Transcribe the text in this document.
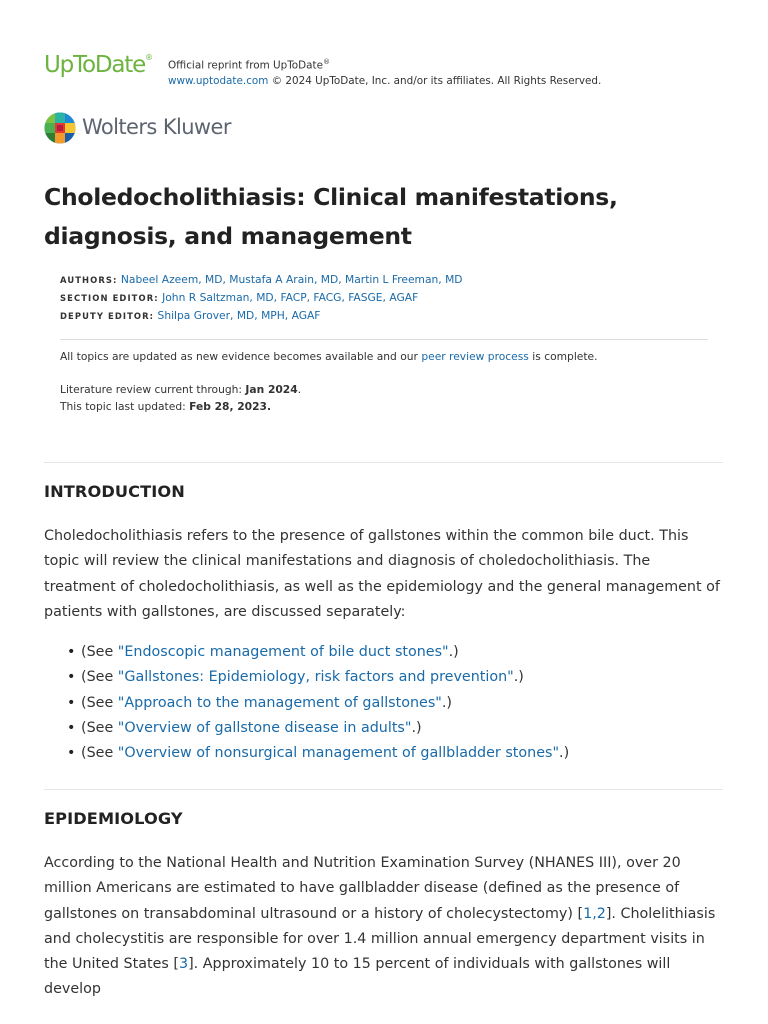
UpToDate®
Official reprint from UpToDate®
www.uptodate.com © 2024 UpToDate, Inc. and/or its affiliates. All Rights Reserved.
Wolters Kluwer
Choledocholithiasis: Clinical manifestations, diagnosis, and management
AUTHORS: Nabeel Azeem, MD, Mustafa A Arain, MD, Martin L Freeman, MD
SECTION EDITOR: John R Saltzman, MD, FACP, FACG, FASGE, AGAF
DEPUTY EDITOR: Shilpa Grover, MD, MPH, AGAF
All topics are updated as new evidence becomes available and our peer review process is complete.
Literature review current through: Jan 2024.
This topic last updated: Feb 28, 2023.
INTRODUCTION

Choledocholithiasis refers to the presence of gallstones within the common bile duct. This topic will review the clinical manifestations and diagnosis of choledocholithiasis. The treatment of choledocholithiasis, as well as the epidemiology and the general management of patients with gallstones, are discussed separately:

• (See "Endoscopic management of bile duct stones".)
• (See "Gallstones: Epidemiology, risk factors and prevention".)
• (See "Approach to the management of gallstones".)
• (See "Overview of gallstone disease in adults".)
• (See "Overview of nonsurgical management of gallbladder stones".)
EPIDEMIOLOGY

According to the National Health and Nutrition Examination Survey (NHANES III), over 20 million Americans are estimated to have gallbladder disease (defined as the presence of gallstones on transabdominal ultrasound or a history of cholecystectomy) [1,2]. Cholelithiasis and cholecystitis are responsible for over 1.4 million annual emergency department visits in the United States [3]. Approximately 10 to 15 percent of individuals with gallstones will develop
